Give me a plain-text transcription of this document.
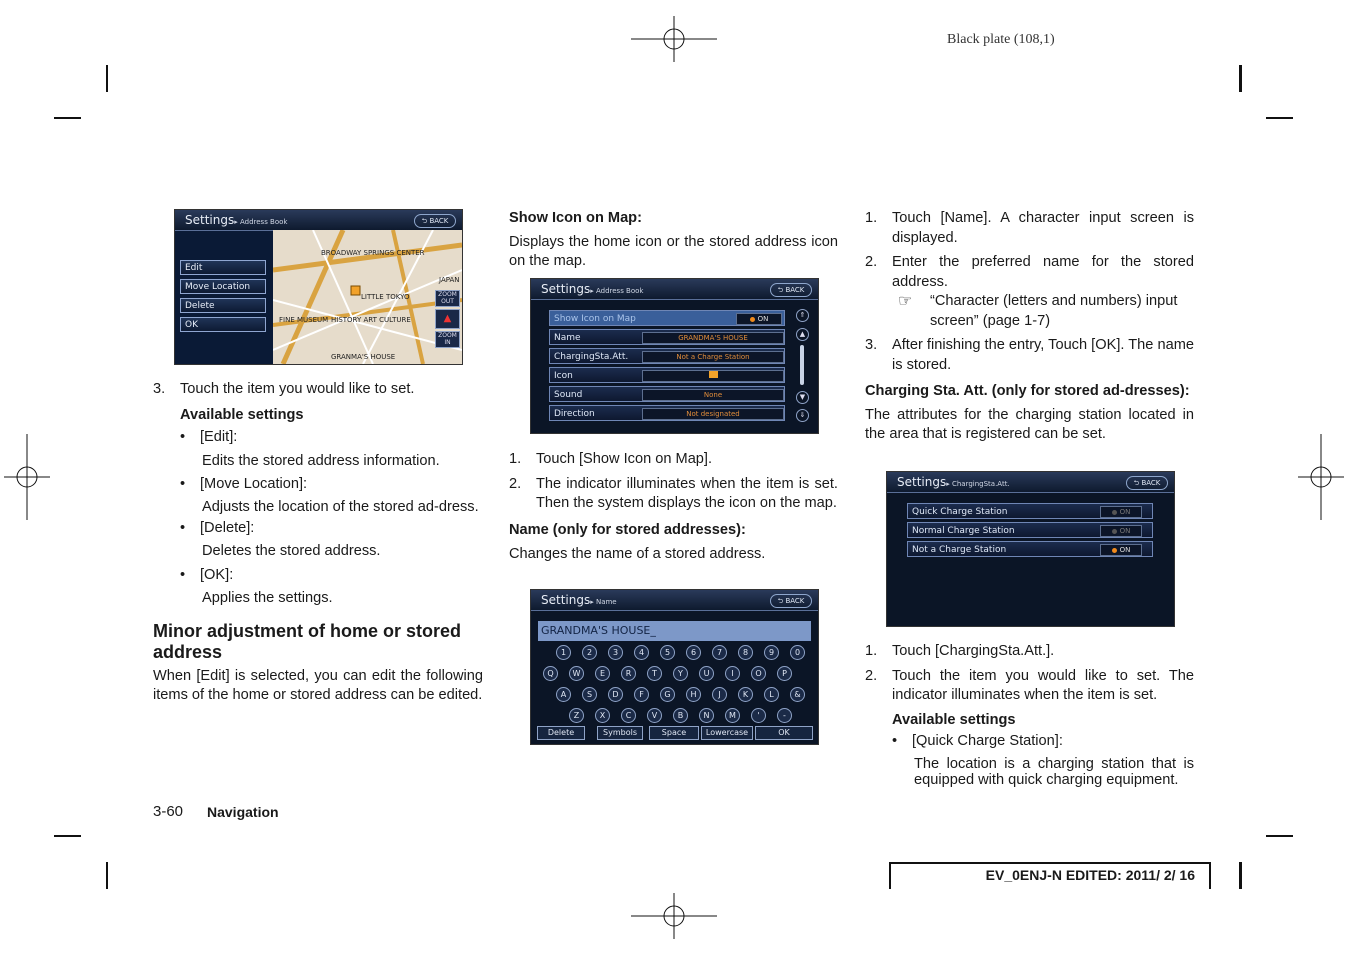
Black plate (108,1)
Settings▸ Address Book	⮌ BACK
BROADWAY SPRINGS CENTER
LITTLE TOKYO
FINE MUSEUM HISTORY ART CULTURE
GRANMA'S HOUSE
JAPAN
ZOOM OUT
▲
ZOOM IN
Edit
Move Location
Delete
OK
3.	Touch the item you would like to set.

Available settings

•	[Edit]:

Edits the stored address information.

•	[Move Location]:

Adjusts the location of the stored ad-dress.

•	[Delete]:

Deletes the stored address.

•	[OK]:

Applies the settings.

Minor adjustment of home or stored address

When [Edit] is selected, you can edit the following items of the home or stored address can be edited.

Show Icon on Map:

Displays the home icon or the stored address icon on the map.

Settings▸ Address Book	⮌ BACK
Show Icon on Map	ON
Name	GRANDMA'S HOUSE
ChargingSta.Att.	Not a Charge Station
Icon
Sound	None
Direction	Not designated
⇑
▲
▼
⇓
1.	Touch [Show Icon on Map].
2.	The indicator illuminates when the item is set. Then the system displays the icon on the map.

Name (only for stored addresses):

Changes the name of a stored address.

Settings▸ Name	⮌ BACK
GRANDMA'S HOUSE_
1	2	3	4	5	6	7	8	9	0
Q	W	E	R	T	Y	U	I	O	P
A	S	D	F	G	H	J	K	L	&
Z	X	C	V	B	N	M	'	-
Delete	Symbols	Space	Lowercase	OK
1.	Touch [Name]. A character input screen is displayed.
2.	Enter the preferred name for the stored address.
☞	“Character (letters and numbers) input screen” (page 1-7)
3.	After finishing the entry, Touch [OK]. The name is stored.

Charging Sta. Att. (only for stored ad-dresses):

The attributes for the charging station located in the area that is registered can be set.

Settings▸ ChargingSta.Att.	⮌ BACK
Quick Charge Station	ON
Normal Charge Station	ON
Not a Charge Station	ON
1.	Touch [ChargingSta.Att.].
2.	Touch the item you would like to set. The indicator illuminates when the item is set.

Available settings

•	[Quick Charge Station]:

The location is a charging station that is equipped with quick charging equipment.

3-60 Navigation
EV_0ENJ-N EDITED: 2011/ 2/ 16
